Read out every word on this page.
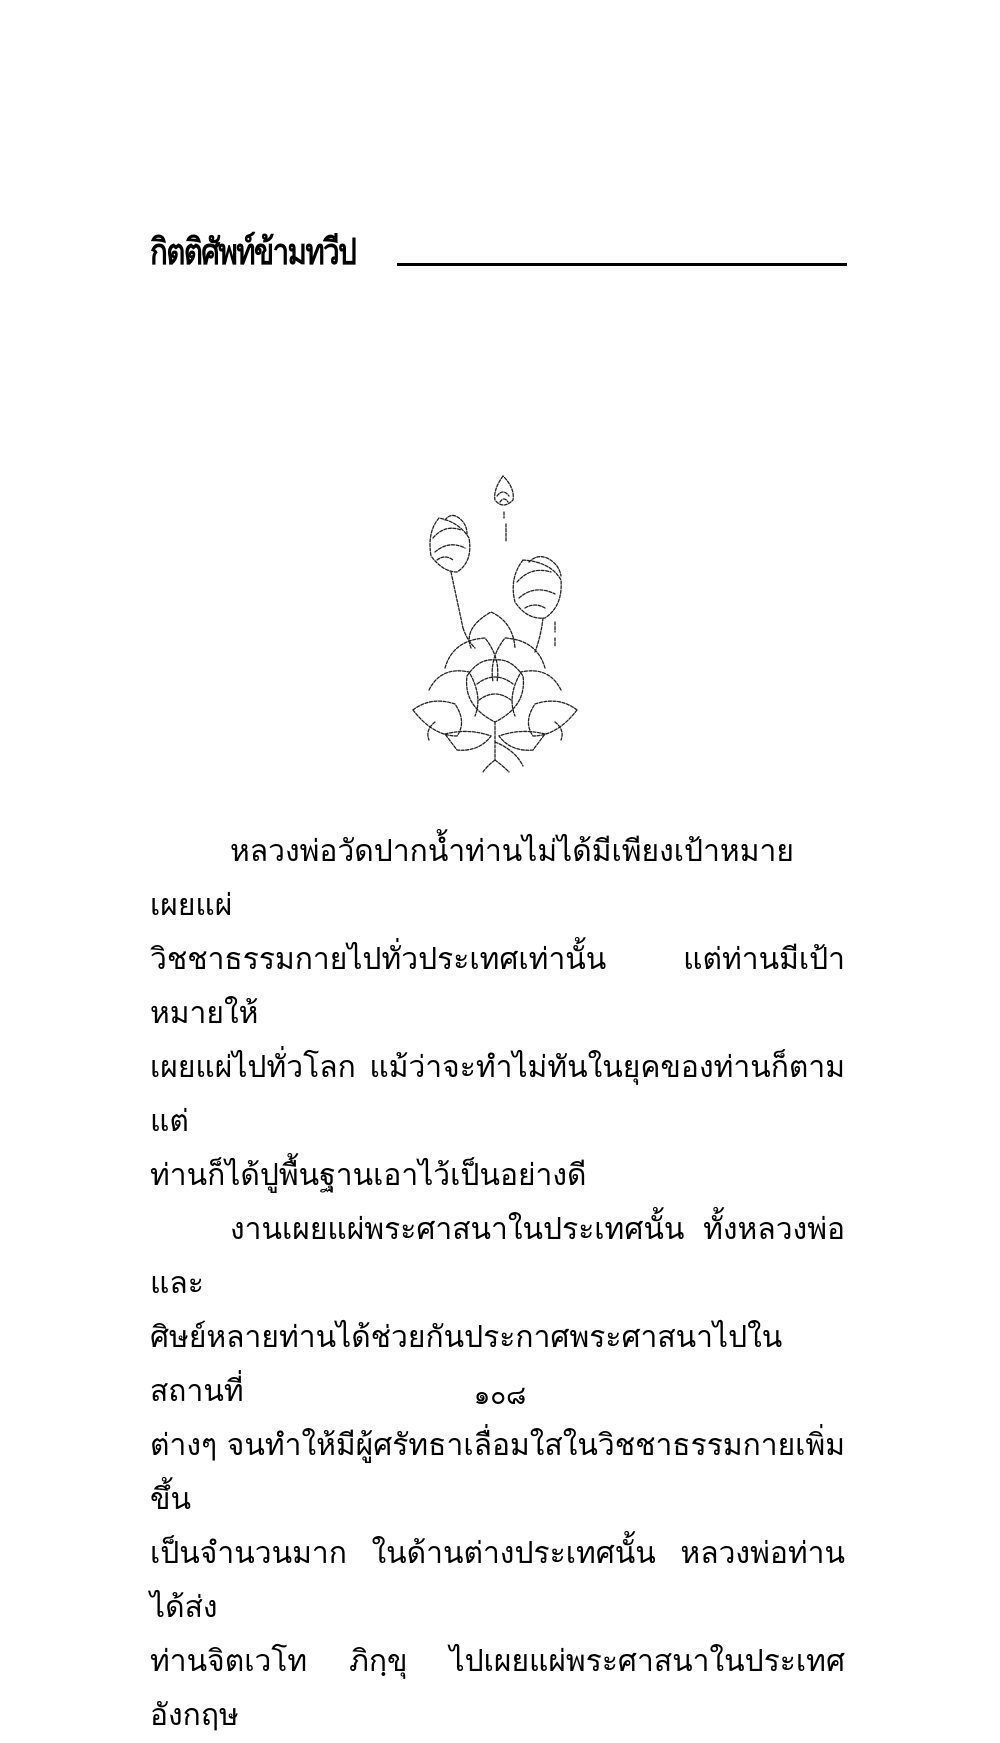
กิตติศัพท์ข้ามทวีป

หลวงพ่อวัดปากน้ำท่านไม่ได้มีเพียงเป้าหมายเผยแผ่
วิชชาธรรมกายไปทั่วประเทศเท่านั้น แต่ท่านมีเป้าหมายให้
เผยแผ่ไปทั่วโลก แม้ว่าจะทำไม่ทันในยุคของท่านก็ตาม แต่
ท่านก็ได้ปูพื้นฐานเอาไว้เป็นอย่างดี

งานเผยแผ่พระศาสนาในประเทศนั้น ทั้งหลวงพ่อและ
ศิษย์หลายท่านได้ช่วยกันประกาศพระศาสนาไปในสถานที่
ต่างๆ จนทำให้มีผู้ศรัทธาเลื่อมใสในวิชชาธรรมกายเพิ่มขึ้น
เป็นจำนวนมาก ในด้านต่างประเทศนั้น หลวงพ่อท่านได้ส่ง
ท่านจิตเวโท ภิกฺขุ ไปเผยแผ่พระศาสนาในประเทศอังกฤษ

๑๐๘
